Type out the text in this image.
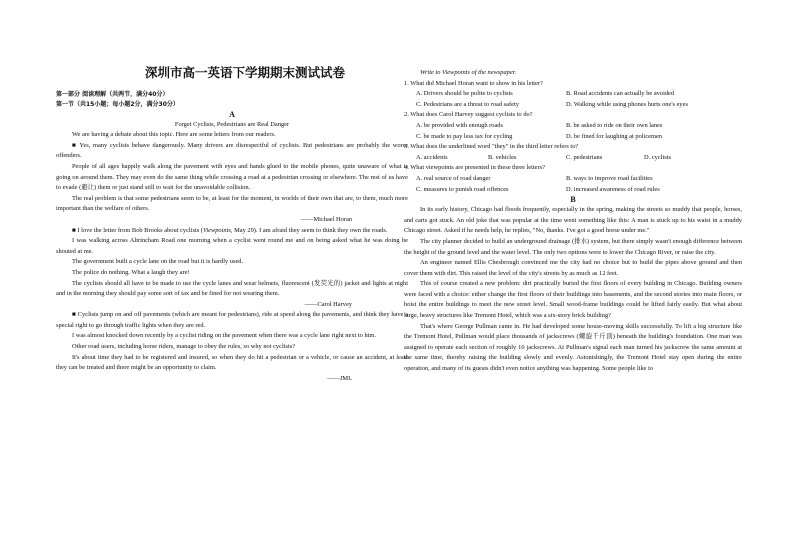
深圳市高一英语下学期期末测试试卷
第一部分 阅读理解（共两节，满分40分）
第一节（共15小题；每小题2分，满分30分）
A
Forget Cyclists, Pedestrians are Real Danger

We are having a debate about this topic. Here are some letters from our readers.

■ Yes, many cyclists behave dangerously. Many drivers are disrespectful of cyclists. But pedestrians are probably the worse offenders.

People of all ages happily walk along the pavement with eyes and hands glued to the mobile phones, quite unaware of what is going on around them. They may even do the same thing while crossing a road at a pedestrian crossing or elsewhere. The rest of us have to evade (避让) them or just stand still to wait for the unavoidable collision.

The real problem is that some pedestrians seem to be, at least for the moment, in worlds of their own that are, to them, much more important than the welfare of others.

——Michael Horan

■ I love the letter from Bob Brooks about cyclists (Viewpoints, May 29). I am afraid they seem to think they own the roads.

I was walking across Altrincham Road one morning when a cyclist went round me and on being asked what he was doing he shouted at me.

The government built a cycle lane on the road but it is hardly used.

The police do nothing. What a laugh they are!

The cyclists should all have to be made to use the cycle lanes and wear helmets, fluorescent (发荧光的) jacket and lights at night and in the morning they should pay some sort of tax and be fined for not wearing them.

——Carol Harvey

■ Cyclists jump on and off pavements (which are meant for pedestrians), ride at speed along the pavements, and think they have a special right to go through traffic lights when they are red.

I was almost knocked down recently by a cyclist riding on the pavement when there was a cycle lane right next to him.

Other road users, including horse riders, manage to obey the rules, so why not cyclists?

It's about time they had to be registered and insured, so when they do hit a pedestrian or a vehicle, or cause an accident, at least they can be treated and there might be an opportunity to claim.

——JML

Write to Viewpoints of the newspaper.

1. What did Michael Horan want to show in his letter?

A. Drivers should be polite to cyclists	B. Road accidents can actually be avoided
C. Pedestrians are a threat to road safety	D. Walking while using phones hurts one's eyes

2. What does Carol Harvey suggest cyclists to do?

A. be provided with enough roads	B. be asked to ride on their own lanes
C. be made to pay less tax for cycling	D. be fined for laughing at policemen

3. What does the underlined word "they" in the third letter refers to?

A. accidents	B. vehicles	C. pedestrians	D. cyclists

4. What viewpoints are presented in these three letters?

A. real source of road danger	B. ways to improve road facilities
C. measures to punish road offences	D. increased awareness of road rules
B

In its early history, Chicago had floods frequently, especially in the spring, making the streets so muddy that people, horses, and carts got stuck. An old joke that was popular at the time went something like this: A man is stuck up to his waist in a muddy Chicago street. Asked if he needs help, he replies, "No, thanks. I've got a good horse under me."

The city planner decided to build an underground drainage (排水) system, but there simply wasn't enough difference between the height of the ground level and the water level. The only two options were to lower the Chicago River, or raise the city.

An engineer named Ellis Chesbrough convinced me the city had no choice but to build the pipes above ground and then cover them with dirt. This raised the level of the city's streets by as much as 12 feet.

This of course created a new problem: dirt practically buried the first floors of every building in Chicago. Building owners were faced with a choice: either change the first floors of their buildings into basements, and the second stories into main floors, or hoist the entire buildings to meet the new street level. Small wood-frame buildings could be lifted fairly easily. But what about large, heavy structures like Tremont Hotel, which was a six-story brick building?

That's where George Pullman came in. He had developed some house-moving skills successfully. To lift a big structure like the Tremont Hotel, Pullman would place thousands of jackscrews (螺旋千斤顶) beneath the building's foundation. One man was assigned to operate each section of roughly 10 jackscrews. At Pullman's signal each man turned his jackscrew the same amount at the same time, thereby raising the building slowly and evenly. Astonishingly, the Tremont Hotel stay open during the entire operation, and many of its guests didn't even notice anything was happening. Some people like to
